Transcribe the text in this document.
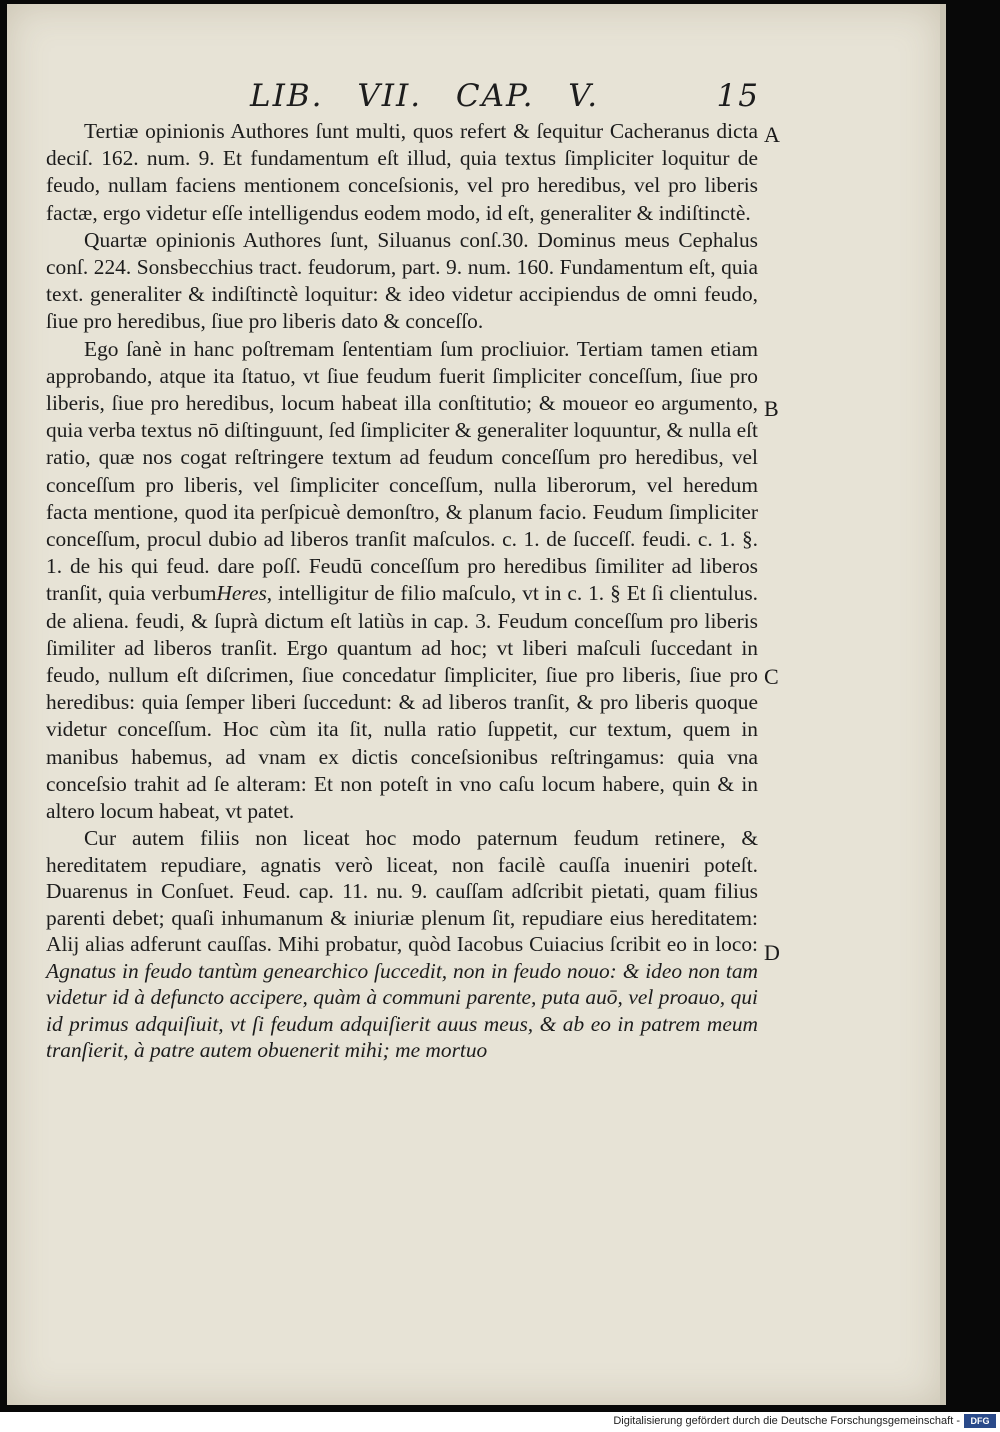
LIB. VII. CAP. V.	15

Tertiæ opinionis Authores ſunt multi, quos refert & ſequitur Cacheranus dicta deciſ. 162. num. 9. Et fundamentum eſt illud, quia textus ſimpliciter loquitur de feudo, nullam faciens mentionem conceſsionis, vel pro heredibus, vel pro liberis factæ, ergo videtur eſſe intelligendus eodem modo, id eſt, generaliter & indiſtinctè.

Quartæ opinionis Authores ſunt, Siluanus conſ.30. Dominus meus Cephalus conſ. 224. Sonsbecchius tract. feudorum, part. 9. num. 160. Fundamentum eſt, quia text. generaliter & indiſtinctè loquitur: & ideo videtur accipiendus de omni feudo, ſiue pro heredibus, ſiue pro liberis dato & conceſſo.

Ego ſanè in hanc poſtremam ſententiam ſum procliuior. Tertiam tamen etiam approbando, atque ita ſtatuo, vt ſiue feudum fuerit ſimpliciter conceſſum, ſiue pro liberis, ſiue pro heredibus, locum habeat illa conſtitutio; & moueor eo argumento, quia verba textus nō diſtinguunt, ſed ſimpliciter & generaliter loquuntur, & nulla eſt ratio, quæ nos cogat reſtringere textum ad feudum conceſſum pro heredibus, vel conceſſum pro liberis, vel ſimpliciter conceſſum, nulla liberorum, vel heredum facta mentione, quod ita perſpicuè demonſtro, & planum facio. Feudum ſimpliciter conceſſum, procul dubio ad liberos tranſit maſculos. c. 1. de ſucceſſ. feudi. c. 1. §. 1. de his qui feud. dare poſſ. Feudū conceſſum pro heredibus ſimiliter ad liberos tranſit, quia verbumHeres, intelligitur de filio maſculo, vt in c. 1. § Et ſi clientulus. de aliena. feudi, & ſuprà dictum eſt latiùs in cap. 3. Feudum conceſſum pro liberis ſimiliter ad liberos tranſit. Ergo quantum ad hoc; vt liberi maſculi ſuccedant in feudo, nullum eſt diſcrimen, ſiue concedatur ſimpliciter, ſiue pro liberis, ſiue pro heredibus: quia ſemper liberi ſuccedunt: & ad liberos tranſit, & pro liberis quoque videtur conceſſum. Hoc cùm ita ſit, nulla ratio ſuppetit, cur textum, quem in manibus habemus, ad vnam ex dictis conceſsionibus reſtringamus: quia vna conceſsio trahit ad ſe alteram: Et non poteſt in vno caſu locum habere, quin & in altero locum habeat, vt patet.

Cur autem filiis non liceat hoc modo paternum feudum retinere, & hereditatem repudiare, agnatis verò liceat, non facilè cauſſa inueniri poteſt. Duarenus in Conſuet. Feud. cap. 11. nu. 9. cauſſam adſcribit pietati, quam filius parenti debet; quaſi inhumanum & iniuriæ plenum ſit, repudiare eius hereditatem: Alij alias adferunt cauſſas. Mihi probatur, quòd Iacobus Cuiacius ſcribit eo in loco: Agnatus in feudo tantùm genearchico ſuccedit, non in feudo nouo: & ideo non tam videtur id à defuncto accipere, quàm à communi parente, puta auō, vel proauo, qui id primus adquiſiuit, vt ſi feudum adquiſierit auus meus, & ab eo in patrem meum tranſierit, à patre autem obuenerit mihi; me mortuo

A
B
C
D
Digitalisierung gefördert durch die Deutsche Forschungsgemeinschaft -	DFG
